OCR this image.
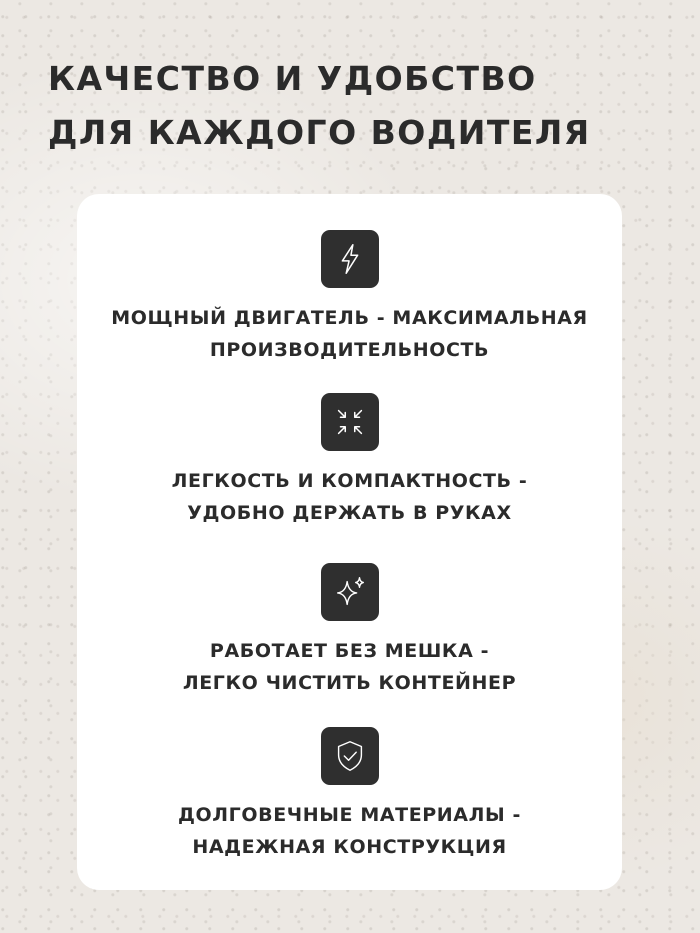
КАЧЕСТВО И УДОБСТВО
ДЛЯ КАЖДОГО ВОДИТЕЛЯ
МОЩНЫЙ ДВИГАТЕЛЬ - МАКСИМАЛЬНАЯ
ПРОИЗВОДИТЕЛЬНОСТЬ
ЛЕГКОСТЬ И КОМПАКТНОСТЬ -
УДОБНО ДЕРЖАТЬ В РУКАХ
РАБОТАЕТ БЕЗ МЕШКА -
ЛЕГКО ЧИСТИТЬ КОНТЕЙНЕР
ДОЛГОВЕЧНЫЕ МАТЕРИАЛЫ -
НАДЕЖНАЯ КОНСТРУКЦИЯ
